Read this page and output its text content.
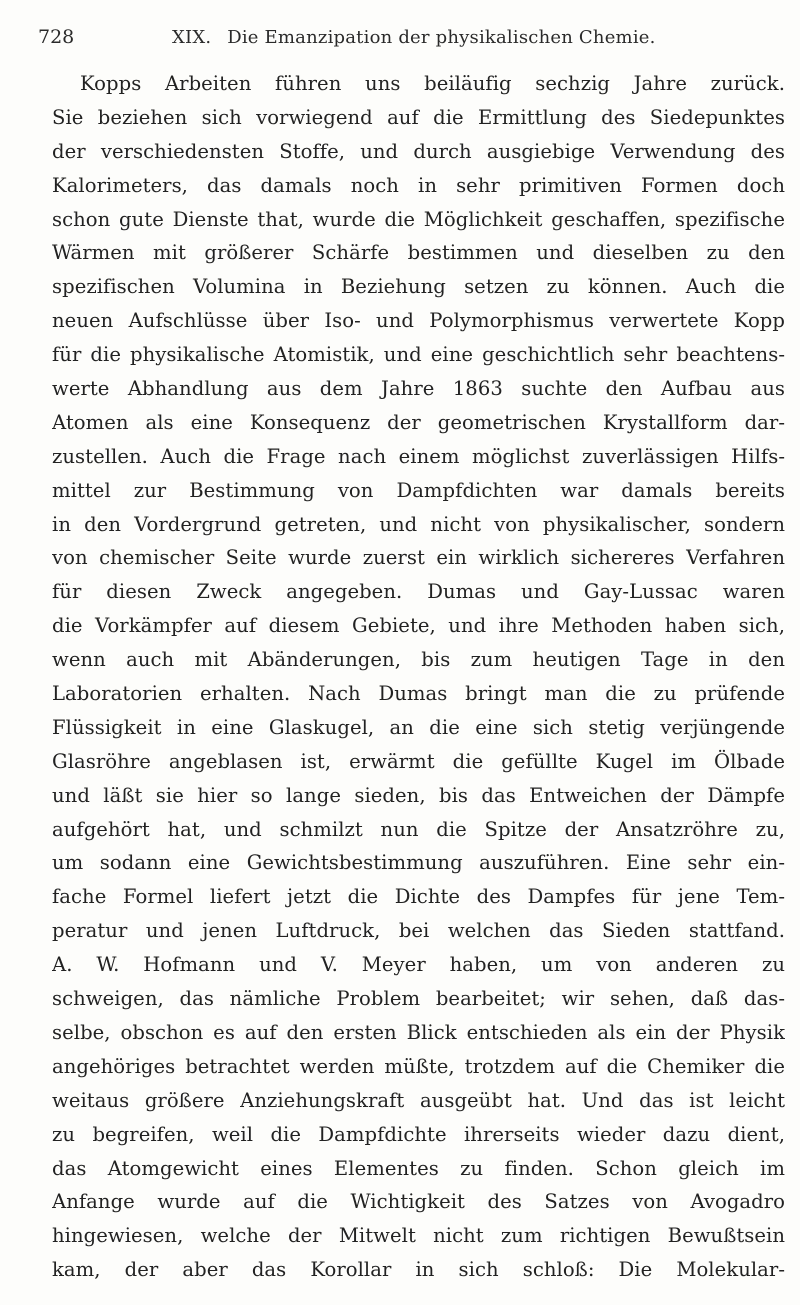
728	XIX. Die Emanzipation der physikalischen Chemie.
Kopps Arbeiten führen uns beiläufig sechzig Jahre zurück.
Sie beziehen sich vorwiegend auf die Ermittlung des Siedepunktes
der verschiedensten Stoffe, und durch ausgiebige Verwendung des
Kalorimeters, das damals noch in sehr primitiven Formen doch
schon gute Dienste that, wurde die Möglichkeit geschaffen, spezifische
Wärmen mit größerer Schärfe bestimmen und dieselben zu den
spezifischen Volumina in Beziehung setzen zu können. Auch die
neuen Aufschlüsse über Iso- und Polymorphismus verwertete Kopp
für die physikalische Atomistik, und eine geschichtlich sehr beachtens-
werte Abhandlung aus dem Jahre 1863 suchte den Aufbau aus
Atomen als eine Konsequenz der geometrischen Krystallform dar-
zustellen. Auch die Frage nach einem möglichst zuverlässigen Hilfs-
mittel zur Bestimmung von Dampfdichten war damals bereits
in den Vordergrund getreten, und nicht von physikalischer, sondern
von chemischer Seite wurde zuerst ein wirklich sichereres Verfahren
für diesen Zweck angegeben. Dumas und Gay-Lussac waren
die Vorkämpfer auf diesem Gebiete, und ihre Methoden haben sich,
wenn auch mit Abänderungen, bis zum heutigen Tage in den
Laboratorien erhalten. Nach Dumas bringt man die zu prüfende
Flüssigkeit in eine Glaskugel, an die eine sich stetig verjüngende
Glasröhre angeblasen ist, erwärmt die gefüllte Kugel im Ölbade
und läßt sie hier so lange sieden, bis das Entweichen der Dämpfe
aufgehört hat, und schmilzt nun die Spitze der Ansatzröhre zu,
um sodann eine Gewichtsbestimmung auszuführen. Eine sehr ein-
fache Formel liefert jetzt die Dichte des Dampfes für jene Tem-
peratur und jenen Luftdruck, bei welchen das Sieden stattfand.
A. W. Hofmann und V. Meyer haben, um von anderen zu
schweigen, das nämliche Problem bearbeitet; wir sehen, daß das-
selbe, obschon es auf den ersten Blick entschieden als ein der Physik
angehöriges betrachtet werden müßte, trotzdem auf die Chemiker die
weitaus größere Anziehungskraft ausgeübt hat. Und das ist leicht
zu begreifen, weil die Dampfdichte ihrerseits wieder dazu dient,
das Atomgewicht eines Elementes zu finden. Schon gleich im
Anfange wurde auf die Wichtigkeit des Satzes von Avogadro
hingewiesen, welche der Mitwelt nicht zum richtigen Bewußtsein
kam, der aber das Korollar in sich schloß: Die Molekular-
